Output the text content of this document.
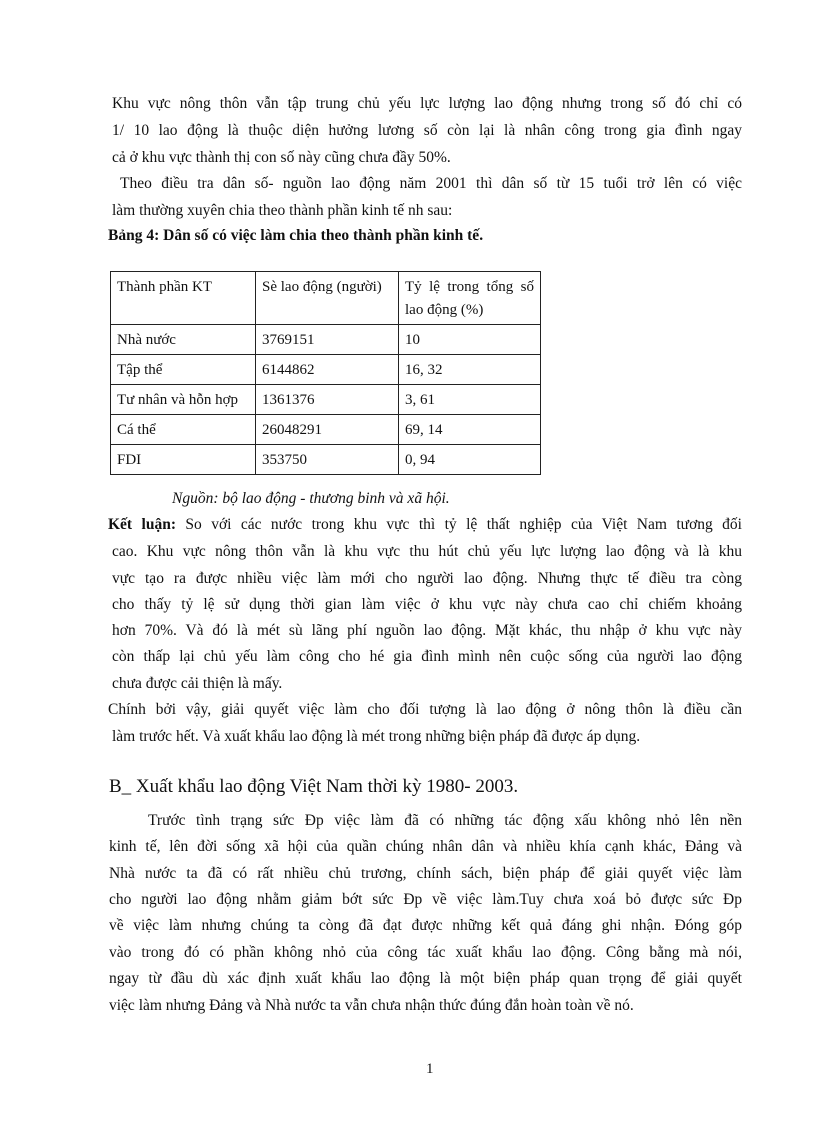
Khu vực nông thôn vẫn tập trung chủ yếu lực lượng lao động nhưng trong số đó chỉ có
1/ 10 lao động là thuộc diện hưởng lương số còn lại là nhân công trong gia đình ngay
cả ở khu vực thành thị con số này cũng chưa đầy 50%.
Theo điều tra dân số- nguồn lao động năm 2001 thì dân số từ 15 tuổi trở lên có việc
làm thường xuyên chia theo thành phần kinh tế nh sau:
Bảng 4: Dân số có việc làm chia theo thành phần kinh tế.
Thành phần KT	Sè lao động (người)	Tỷ lệ trong tổng số lao động (%)
Nhà nước	3769151	10
Tập thể	6144862	16, 32
Tư nhân và hỗn hợp	1361376	3, 61
Cá thể	26048291	69, 14
FDI	353750	0, 94
Nguồn: bộ lao động - thương binh và xã hội.
Kết luận: So với các nước trong khu vực thì tỷ lệ thất nghiệp của Việt Nam tương đối
cao. Khu vực nông thôn vẫn là khu vực thu hút chủ yếu lực lượng lao động và là khu
vực tạo ra được nhiều việc làm mới cho người lao động. Nhưng thực tế điều tra còng
cho thấy tỷ lệ sử dụng thời gian làm việc ở khu vực này chưa cao chỉ chiếm khoảng
hơn 70%. Và đó là mét sù lãng phí nguồn lao động. Mặt khác, thu nhập ở khu vực này
còn thấp lại chủ yếu làm công cho hé gia đình mình nên cuộc sống của người lao động
chưa được cải thiện là mấy.
Chính bởi vậy, giải quyết việc làm cho đối tượng là lao động ở nông thôn là điều cần
làm trước hết. Và xuất khẩu lao động là mét trong những biện pháp đã được áp dụng.
B_ Xuất khẩu lao động Việt Nam thời kỳ 1980- 2003.
Trước tình trạng sức Ðp việc làm đã có những tác động xấu không nhỏ lên nền
kinh tế, lên đời sống xã hội của quần chúng nhân dân và nhiều khía cạnh khác, Đảng và
Nhà nước ta đã có rất nhiều chủ trương, chính sách, biện pháp để giải quyết việc làm
cho người lao động nhằm giảm bớt sức Ðp về việc làm.Tuy chưa xoá bỏ được sức Ðp
về việc làm nhưng chúng ta còng đã đạt được những kết quả đáng ghi nhận. Đóng góp
vào trong đó có phần không nhỏ của công tác xuất khẩu lao động. Công bằng mà nói,
ngay từ đầu dù xác định xuất khẩu lao động là một biện pháp quan trọng để giải quyết
việc làm nhưng Đảng và Nhà nước ta vẫn chưa nhận thức đúng đắn hoàn toàn về nó.
1
